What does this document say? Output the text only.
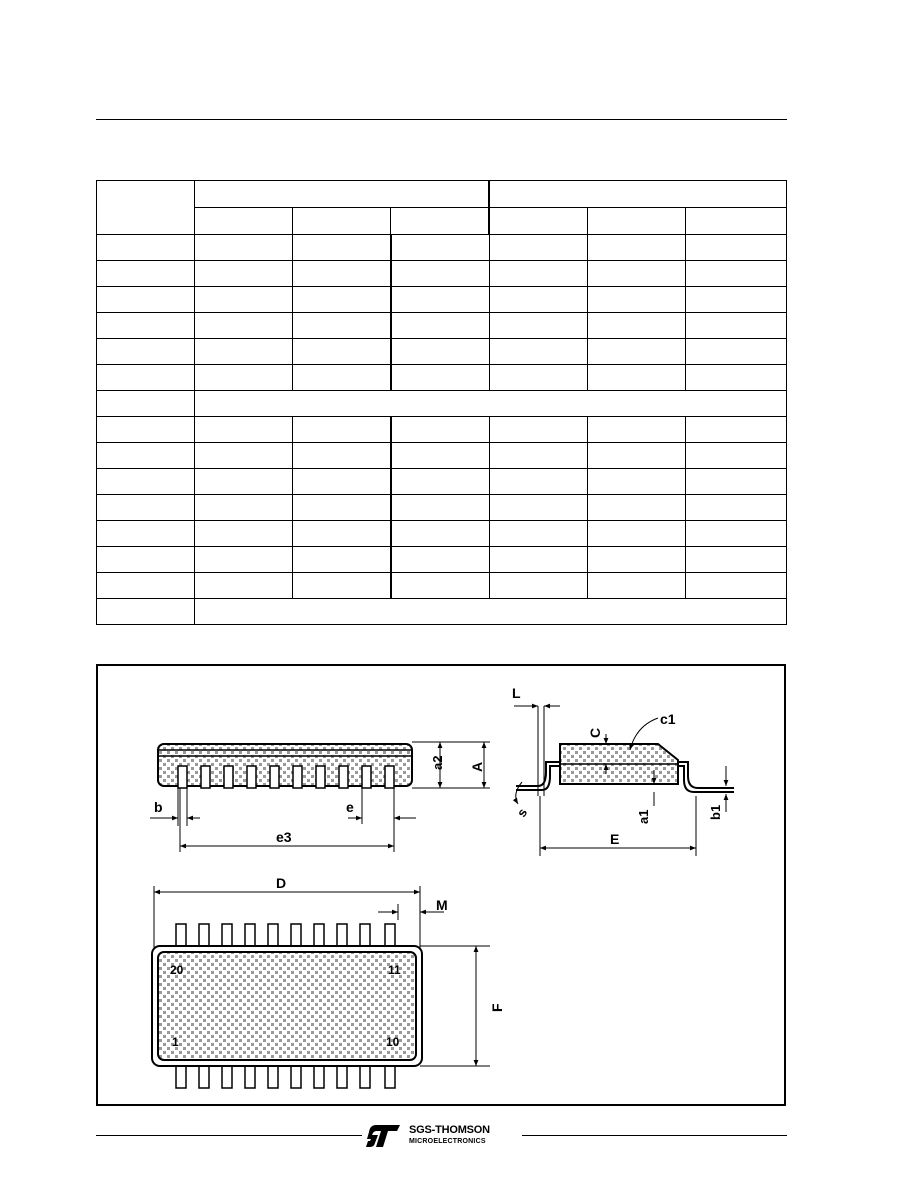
a2 A
b	e
e3
L
c1
C
s	a1
E
b1
D
M
F
20	11
1	10
SGS-THOMSON
MICROELECTRONICS
